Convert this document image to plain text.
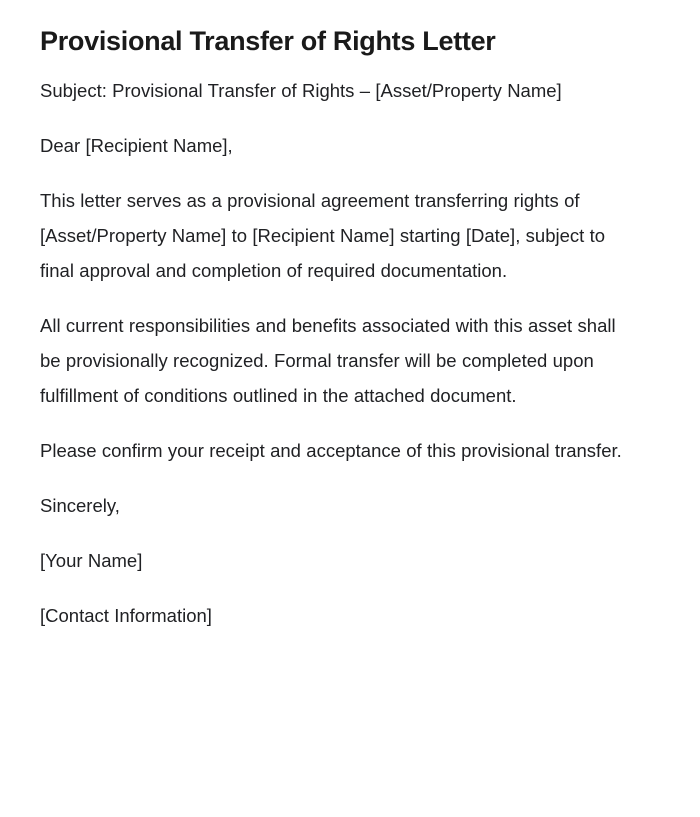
Provisional Transfer of Rights Letter

Subject: Provisional Transfer of Rights – [Asset/Property Name]

Dear [Recipient Name],

This letter serves as a provisional agreement transferring rights of [Asset/Property Name] to [Recipient Name] starting [Date], subject to final approval and completion of required documentation.

All current responsibilities and benefits associated with this asset shall be provisionally recognized. Formal transfer will be completed upon fulfillment of conditions outlined in the attached document.

Please confirm your receipt and acceptance of this provisional transfer.

Sincerely,

[Your Name]

[Contact Information]
